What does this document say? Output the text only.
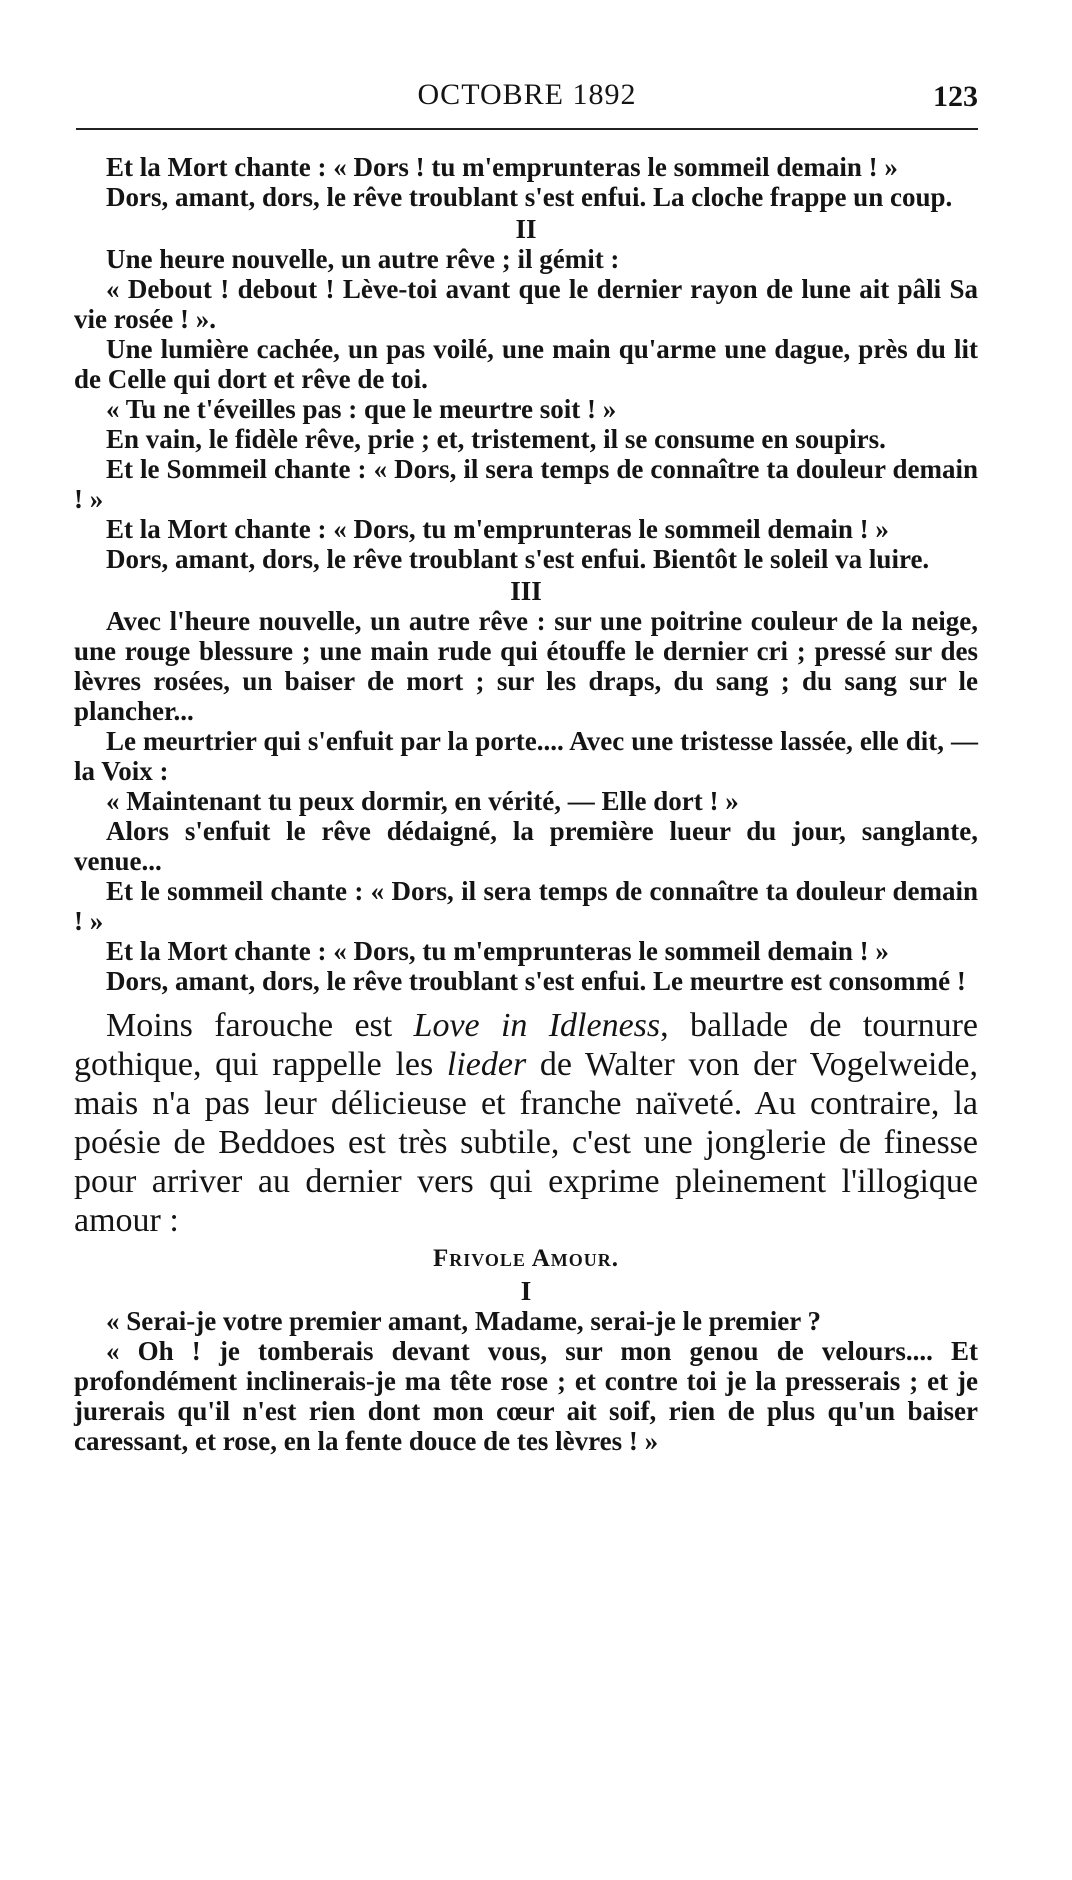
OCTOBRE 1892	123

Et la Mort chante : « Dors ! tu m'emprunteras le sommeil demain ! »

Dors, amant, dors, le rêve troublant s'est enfui. La cloche frappe un coup.

II

Une heure nouvelle, un autre rêve ; il gémit :

« Debout ! debout ! Lève-toi avant que le dernier rayon de lune ait pâli Sa vie rosée ! ».

Une lumière cachée, un pas voilé, une main qu'arme une dague, près du lit de Celle qui dort et rêve de toi.

« Tu ne t'éveilles pas : que le meurtre soit ! »

En vain, le fidèle rêve, prie ; et, tristement, il se consume en soupirs.

Et le Sommeil chante : « Dors, il sera temps de connaître ta douleur demain ! »

Et la Mort chante : « Dors, tu m'emprunteras le sommeil demain ! »

Dors, amant, dors, le rêve troublant s'est enfui. Bientôt le soleil va luire.

III

Avec l'heure nouvelle, un autre rêve : sur une poitrine couleur de la neige, une rouge blessure ; une main rude qui étouffe le dernier cri ; pressé sur des lèvres rosées, un baiser de mort ; sur les draps, du sang ; du sang sur le plancher...

Le meurtrier qui s'enfuit par la porte.... Avec une tristesse lassée, elle dit, — la Voix :

« Maintenant tu peux dormir, en vérité, — Elle dort ! »

Alors s'enfuit le rêve dédaigné, la première lueur du jour, sanglante, venue...

Et le sommeil chante : « Dors, il sera temps de connaître ta douleur demain ! »

Et la Mort chante : « Dors, tu m'emprunteras le sommeil demain ! »

Dors, amant, dors, le rêve troublant s'est enfui. Le meurtre est consommé !

Moins farouche est Love in Idleness, ballade de tournure gothique, qui rappelle les lieder de Walter von der Vogelweide, mais n'a pas leur délicieuse et franche naïveté. Au contraire, la poésie de Beddoes est très subtile, c'est une jonglerie de finesse pour arriver au dernier vers qui exprime pleinement l'illogique amour :

Frivole Amour.

I

« Serai-je votre premier amant, Madame, serai-je le premier ?

« Oh ! je tomberais devant vous, sur mon genou de velours.... Et profondément inclinerais-je ma tête rose ; et contre toi je la presserais ; et je jurerais qu'il n'est rien dont mon cœur ait soif, rien de plus qu'un baiser caressant, et rose, en la fente douce de tes lèvres ! »
